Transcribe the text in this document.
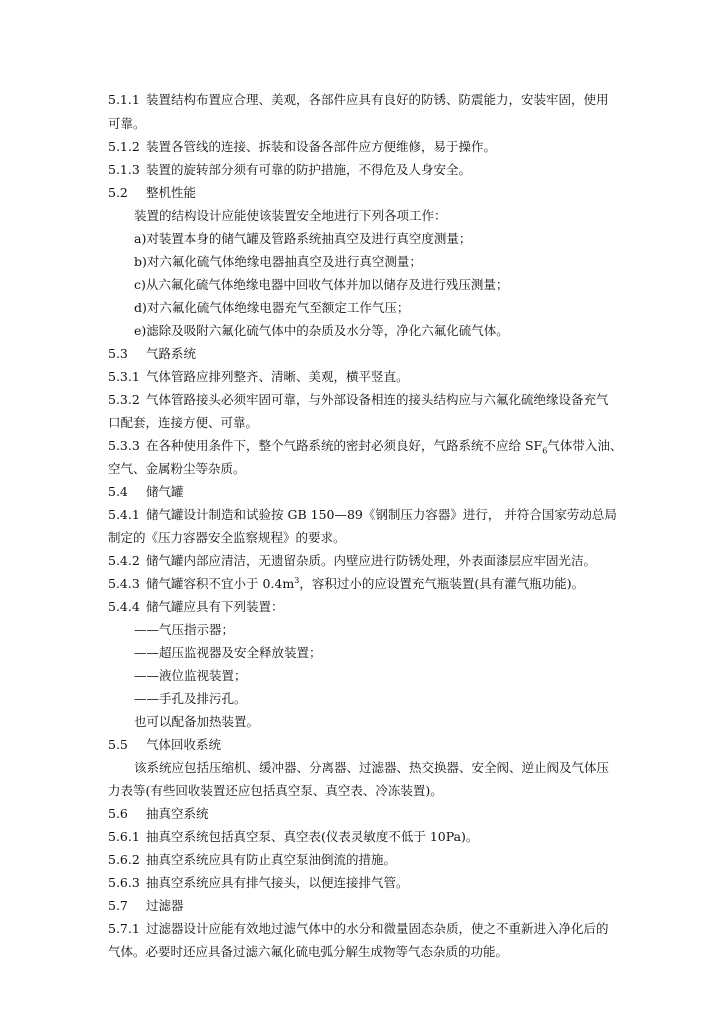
5.1.1 装置结构布置应合理、美观，各部件应具有良好的防锈、防震能力，安装牢固，使用
可靠。
5.1.2 装置各管线的连接、拆装和设备各部件应方便维修，易于操作。
5.1.3 装置的旋转部分须有可靠的防护措施，不得危及人身安全。
5.2 整机性能
装置的结构设计应能使该装置安全地进行下列各项工作：
a)对装置本身的储气罐及管路系统抽真空及进行真空度测量；
b)对六氟化硫气体绝缘电器抽真空及进行真空测量；
c)从六氟化硫气体绝缘电器中回收气体并加以储存及进行残压测量；
d)对六氟化硫气体绝缘电器充气至额定工作气压；
e)滤除及吸附六氟化硫气体中的杂质及水分等，净化六氟化硫气体。
5.3 气路系统
5.3.1 气体管路应排列整齐、清晰、美观，横平竖直。
5.3.2 气体管路接头必须牢固可靠，与外部设备相连的接头结构应与六氟化硫绝缘设备充气
口配套，连接方便、可靠。
5.3.3 在各种使用条件下，整个气路系统的密封必须良好，气路系统不应给 $SF_6$气体带入油、
空气、金属粉尘等杂质。
5.4 储气罐
5.4.1 储气罐设计制造和试验按 GB 150—89《钢制压力容器》进行， 并符合国家劳动总局
制定的《压力容器安全监察规程》的要求。
5.4.2 储气罐内部应清洁，无遗留杂质。内壁应进行防锈处理，外表面漆层应牢固光洁。
5.4.3 储气罐容积不宜小于 $0.4m^3$，容积过小的应设置充气瓶装置(具有灌气瓶功能)。
5.4.4 储气罐应具有下列装置：
——气压指示器；
——超压监视器及安全释放装置；
——液位监视装置；
——手孔及排污孔。
也可以配备加热装置。
5.5 气体回收系统
该系统应包括压缩机、缓冲器、分离器、过滤器、热交换器、安全阀、逆止阀及气体压
力表等(有些回收装置还应包括真空泵、真空表、冷冻装置)。
5.6 抽真空系统
5.6.1 抽真空系统包括真空泵、真空表(仪表灵敏度不低于 10Pa)。
5.6.2 抽真空系统应具有防止真空泵油倒流的措施。
5.6.3 抽真空系统应具有排气接头，以便连接排气管。
5.7 过滤器
5.7.1 过滤器设计应能有效地过滤气体中的水分和微量固态杂质，使之不重新进入净化后的
气体。必要时还应具备过滤六氟化硫电弧分解生成物等气态杂质的功能。
